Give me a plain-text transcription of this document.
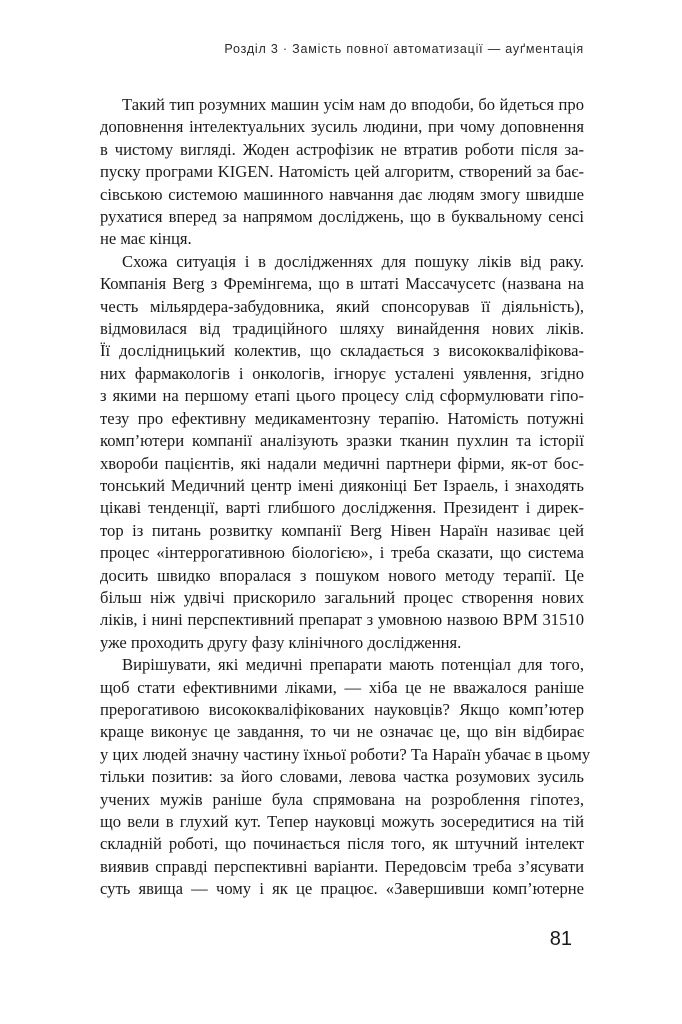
Розділ 3 · Замість повної автоматизації — ауґментація
Такий тип розумних машин усім нам до вподоби, бо йдеться про
доповнення інтелектуальних зусиль людини, при чому доповнення
в чистому вигляді. Жоден астрофізик не втратив роботи після за-
пуску програми KIGEN. Натомість цей алгоритм, створений за бає-
сівською системою машинного навчання дає людям змогу швидше
рухатися вперед за напрямом досліджень, що в буквальному сенсі
не має кінця.
Схожа ситуація і в дослідженнях для пошуку ліків від раку.
Компанія Berg з Фремінгема, що в штаті Массачусетс (названа на
честь мільярдера-забудовника, який спонсорував її діяльність),
відмовилася від традиційного шляху винайдення нових ліків.
Її дослідницький колектив, що складається з висококваліфікова-
них фармакологів і онкологів, ігнорує усталені уявлення, згідно
з якими на першому етапі цього процесу слід сформулювати гіпо-
тезу про ефективну медикаментозну терапію. Натомість потужні
комп’ютери компанії аналізують зразки тканин пухлин та історії
хвороби пацієнтів, які надали медичні партнери фірми, як-от бос-
тонський Медичний центр імені дияконіці Бет Ізраель, і знаходять
цікаві тенденції, варті глибшого дослідження. Президент і дирек-
тор із питань розвитку компанії Berg Нівен Нараїн називає цей
процес «інтеррогативною біологією», і треба сказати, що система
досить швидко впоралася з пошуком нового методу терапії. Це
більш ніж удвічі прискорило загальний процес створення нових
ліків, і нині перспективний препарат з умовною назвою BPM 31510
уже проходить другу фазу клінічного дослідження.
Вирішувати, які медичні препарати мають потенціал для того,
щоб стати ефективними ліками, — хіба це не вважалося раніше
прерогативою висококваліфікованих науковців? Якщо комп’ютер
краще виконує це завдання, то чи не означає це, що він відбирає
у цих людей значну частину їхньої роботи? Та Нараїн убачає в цьому
тільки позитив: за його словами, левова частка розумових зусиль
учених мужів раніше була спрямована на розроблення гіпотез,
що вели в глухий кут. Тепер науковці можуть зосередитися на тій
складній роботі, що починається після того, як штучний інтелект
виявив справді перспективні варіанти. Передовсім треба з’ясувати
суть явища — чому і як це працює. «Завершивши комп’ютерне
81
